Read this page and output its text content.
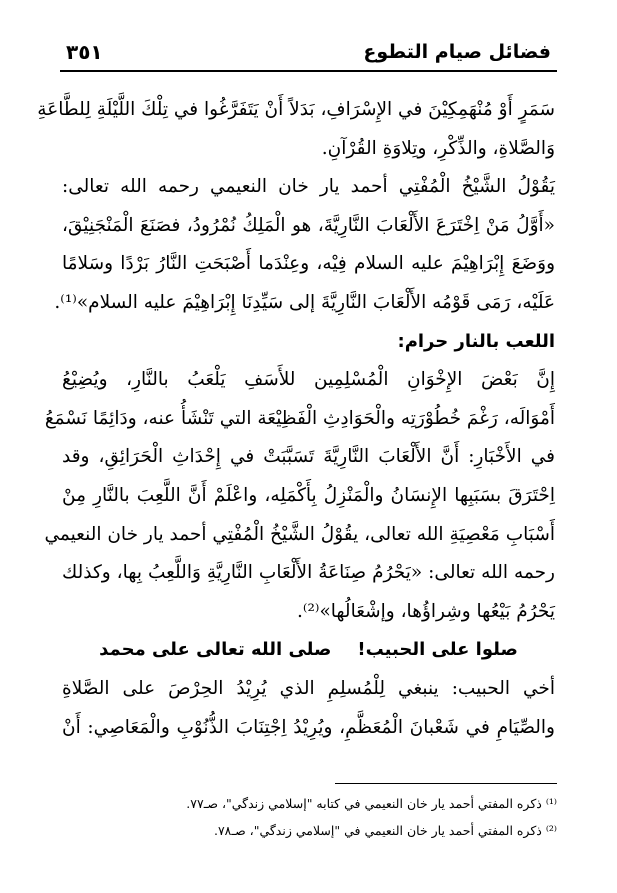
٣٥١	فضائل صيام التطوع
سَمَرٍ أَوْ مُنْهَمِكِيْنَ في الإِسْرَافِ، بَدَلاً أَنْ يَتَفَرَّغُوا في تِلْكَ اللَّيْلَةِ لِلطَّاعَةِ
وَالصَّلاةِ، والذِّكْرِ، وتِلاوَةِ القُرْآنِ.
يَقُوْلُ الشَّيْخُ الْمُفْتِي أحمد يار خان النعيمي رحمه الله تعالى:
«أَوَّلُ مَنْ اِخْتَرَعَ الأَلْعَابَ النَّارِيَّةَ، هو الْمَلِكُ نُمْرُودُ، فصَنَعَ الْمَنْجَنِيْقَ،
ووَضَعَ إِبْرَاهِيْمَ عليه السلام فِيْه، وعِنْدَما أَصْبَحَتِ النَّارُ بَرْدًا وسَلامًا
عَلَيْه، رَمَى قَوْمُه الأَلْعَابَ النَّارِيَّةَ إلى سَيِّدِنَا إِبْرَاهِيْمَ عليه السلام»⁽¹⁾.
اللعب بالنار حرام:
إِنَّ بَعْضَ الإِخْوَانِ الْمُسْلِمِين للأَسَفِ يَلْعَبُ بالنَّارِ، ويُضِيْعُ
أَمْوَالَه، رَغْمَ خُطُوْرَتِه والْحَوَادِثِ الْفَظِيْعَة التي تَنْشَأُ عنه، ودَائِمًا نَسْمَعُ
في الأَخْبَارِ: أَنَّ الأَلْعَابَ النَّارِيَّةَ تَسَبَّبَتْ في إِحْدَاثِ الْحَرَائِقِ، وقد
اِحْتَرَقَ بسَبَبِها الإِنسَانُ والْمَنْزِلُ بِأَكْمَلِه، واعْلَمْ أَنَّ اللَّعِبَ بالنَّارِ مِنْ
أَسْبَابِ مَعْصِيَةِ الله تعالى، يقُوْلُ الشَّيْخُ الْمُفْتِي أحمد يار خان النعيمي
رحمه الله تعالى: «يَحْرُمُ صِنَاعَةُ الأَلْعَابِ النَّارِيَّةِ وَاللَّعِبُ بِها، وكذلك
يَحْرُمُ بَيْعُها وشِراؤُها، وإشْعَالُها»⁽²⁾.
صلوا على الحبيب!صلى الله تعالى على محمد
أخي الحبيب: ينبغي لِلْمُسلِمِ الذي يُرِيْدُ الحِرْصَ على الصَّلاةِ
والصِّيَامِ في شَعْبانَ الْمُعَظَّمِ، ويُرِيْدُ اِجْتِنَابَ الذُّنُوْبِ والْمَعَاصِي: أَنْ
⁽¹⁾ ذكره المفتي أحمد يار خان النعيمي في كتابه "إسلامي زندگي"، صـ٧٧.
⁽²⁾ ذكره المفتي أحمد يار خان النعيمي في "إسلامي زندگي"، صـ٧٨.
